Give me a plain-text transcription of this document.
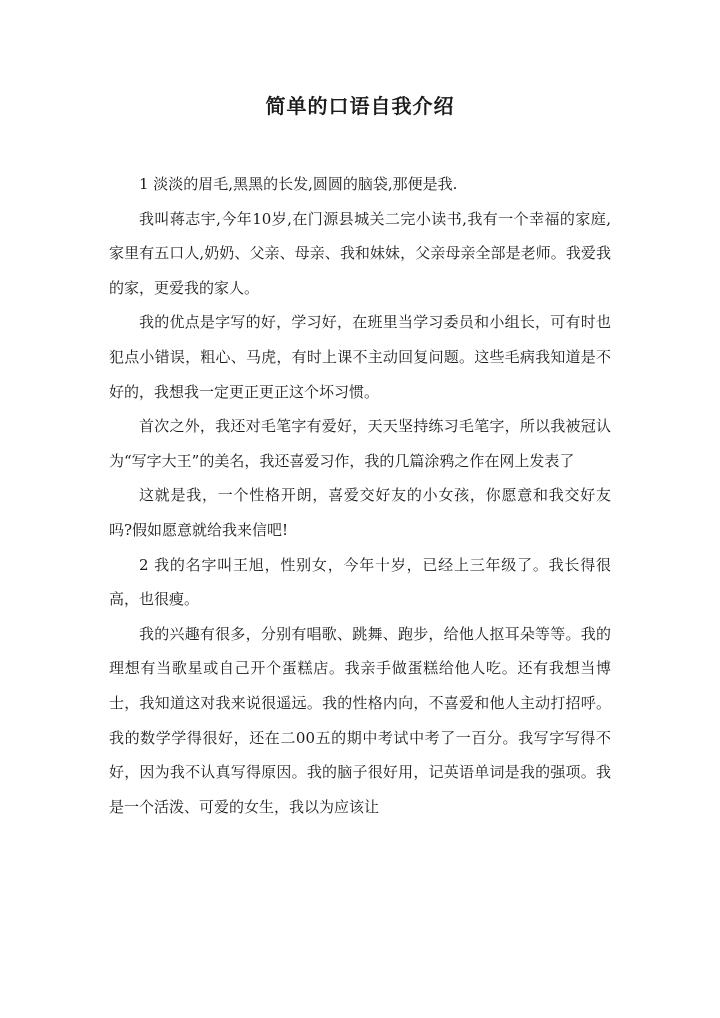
简单的口语自我介绍

1 淡淡的眉毛,黑黑的长发,圆圆的脑袋,那便是我.

我叫蒋志宇,今年10岁,在门源县城关二完小读书,我有一个幸福的家庭,家里有五口人,奶奶、父亲、母亲、我和妹妹，父亲母亲全部是老师。我爱我的家，更爱我的家人。

我的优点是字写的好，学习好，在班里当学习委员和小组长，可有时也犯点小错误，粗心、马虎，有时上课不主动回复问题。这些毛病我知道是不好的，我想我一定更正更正这个坏习惯。

首次之外，我还对毛笔字有爱好，天天坚持练习毛笔字，所以我被冠认为“写字大王”的美名，我还喜爱习作，我的几篇涂鸦之作在网上发表了

这就是我，一个性格开朗，喜爱交好友的小女孩，你愿意和我交好友吗?假如愿意就给我来信吧!

2 我的名字叫王旭，性别女，今年十岁，已经上三年级了。我长得很高，也很瘦。

我的兴趣有很多，分别有唱歌、跳舞、跑步，给他人抠耳朵等等。我的理想有当歌星或自己开个蛋糕店。我亲手做蛋糕给他人吃。还有我想当博士，我知道这对我来说很遥远。我的性格内向，不喜爱和他人主动打招呼。我的数学学得很好，还在二00五的期中考试中考了一百分。我写字写得不好，因为我不认真写得原因。我的脑子很好用，记英语单词是我的强项。我是一个活泼、可爱的女生，我以为应该让
